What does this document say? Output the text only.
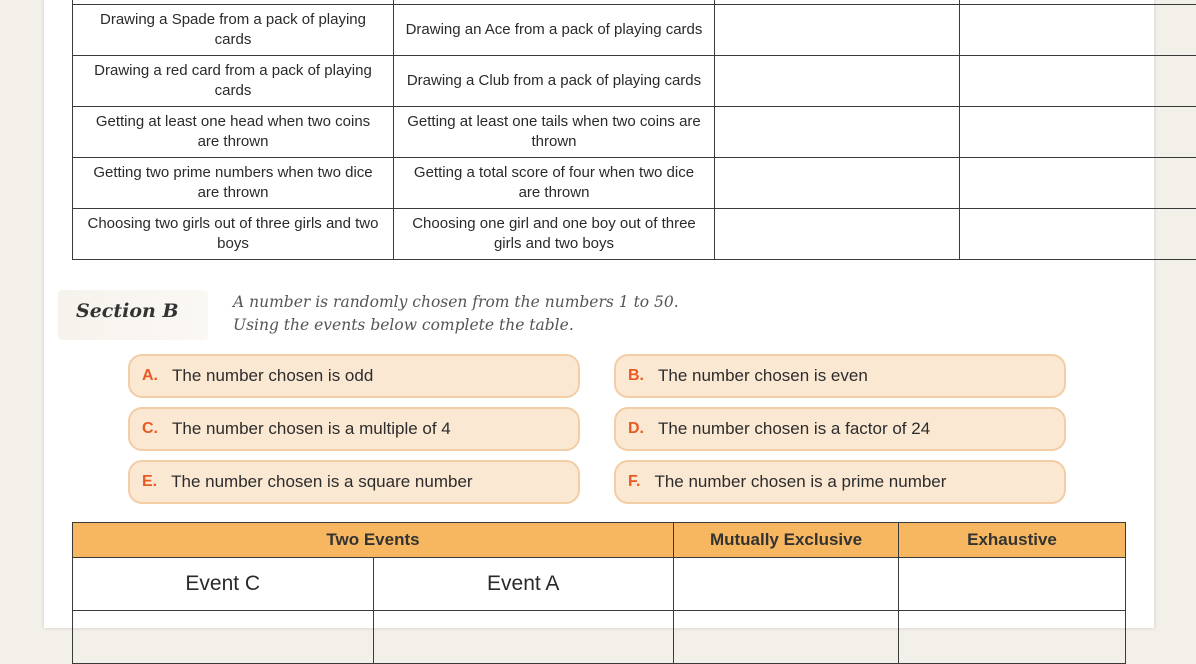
Drawing a Spade from a pack of playing cards	Drawing an Ace from a pack of playing cards		
Drawing a red card from a pack of playing cards	Drawing a Club from a pack of playing cards		
Getting at least one head when two coins are thrown	Getting at least one tails when two coins are thrown		
Getting two prime numbers when two dice are thrown	Getting a total score of four when two dice are thrown		
Choosing two girls out of three girls and two boys	Choosing one girl and one boy out of three girls and two boys		
Section B	A number is randomly chosen from the numbers 1 to 50.
Using the events below complete the table.
A. The number chosen is odd	B. The number chosen is even
C. The number chosen is a multiple of 4	D. The number chosen is a factor of 24
E. The number chosen is a square number	F. The number chosen is a prime number
Two Events		Mutually Exclusive	Exhaustive
Event C	Event A		
